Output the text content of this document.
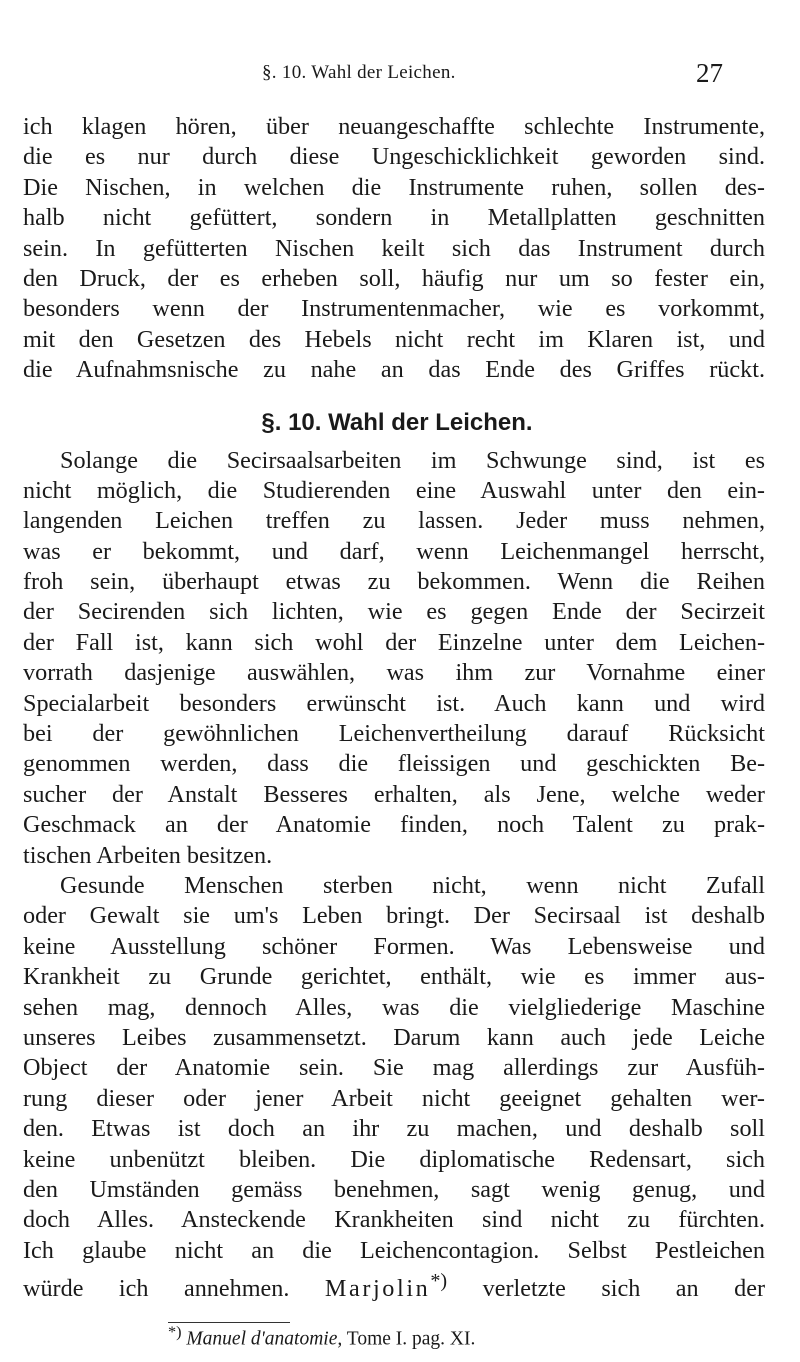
§. 10. Wahl der Leichen.	27
ich klagen hören, über neuangeschaffte schlechte Instrumente,
die es nur durch diese Ungeschicklichkeit geworden sind.
Die Nischen, in welchen die Instrumente ruhen, sollen des-
halb nicht gefüttert, sondern in Metallplatten geschnitten
sein. In gefütterten Nischen keilt sich das Instrument durch
den Druck, der es erheben soll, häufig nur um so fester ein,
besonders wenn der Instrumentenmacher, wie es vorkommt,
mit den Gesetzen des Hebels nicht recht im Klaren ist, und
die Aufnahmsnische zu nahe an das Ende des Griffes rückt.
§. 10. Wahl der Leichen.
Solange die Secirsaalsarbeiten im Schwunge sind, ist es
nicht möglich, die Studierenden eine Auswahl unter den ein-
langenden Leichen treffen zu lassen. Jeder muss nehmen,
was er bekommt, und darf, wenn Leichenmangel herrscht,
froh sein, überhaupt etwas zu bekommen. Wenn die Reihen
der Secirenden sich lichten, wie es gegen Ende der Secirzeit
der Fall ist, kann sich wohl der Einzelne unter dem Leichen-
vorrath dasjenige auswählen, was ihm zur Vornahme einer
Specialarbeit besonders erwünscht ist. Auch kann und wird
bei der gewöhnlichen Leichenvertheilung darauf Rücksicht
genommen werden, dass die fleissigen und geschickten Be-
sucher der Anstalt Besseres erhalten, als Jene, welche weder
Geschmack an der Anatomie finden, noch Talent zu prak-
tischen Arbeiten besitzen.
Gesunde Menschen sterben nicht, wenn nicht Zufall
oder Gewalt sie um's Leben bringt. Der Secirsaal ist deshalb
keine Ausstellung schöner Formen. Was Lebensweise und
Krankheit zu Grunde gerichtet, enthält, wie es immer aus-
sehen mag, dennoch Alles, was die vielgliederige Maschine
unseres Leibes zusammensetzt. Darum kann auch jede Leiche
Object der Anatomie sein. Sie mag allerdings zur Ausfüh-
rung dieser oder jener Arbeit nicht geeignet gehalten wer-
den. Etwas ist doch an ihr zu machen, und deshalb soll
keine unbenützt bleiben. Die diplomatische Redensart, sich
den Umständen gemäss benehmen, sagt wenig genug, und
doch Alles. Ansteckende Krankheiten sind nicht zu fürchten.
Ich glaube nicht an die Leichencontagion. Selbst Pestleichen
würde ich annehmen. Marjolin*) verletzte sich an der
*) Manuel d'anatomie, Tome I. pag. XI.
